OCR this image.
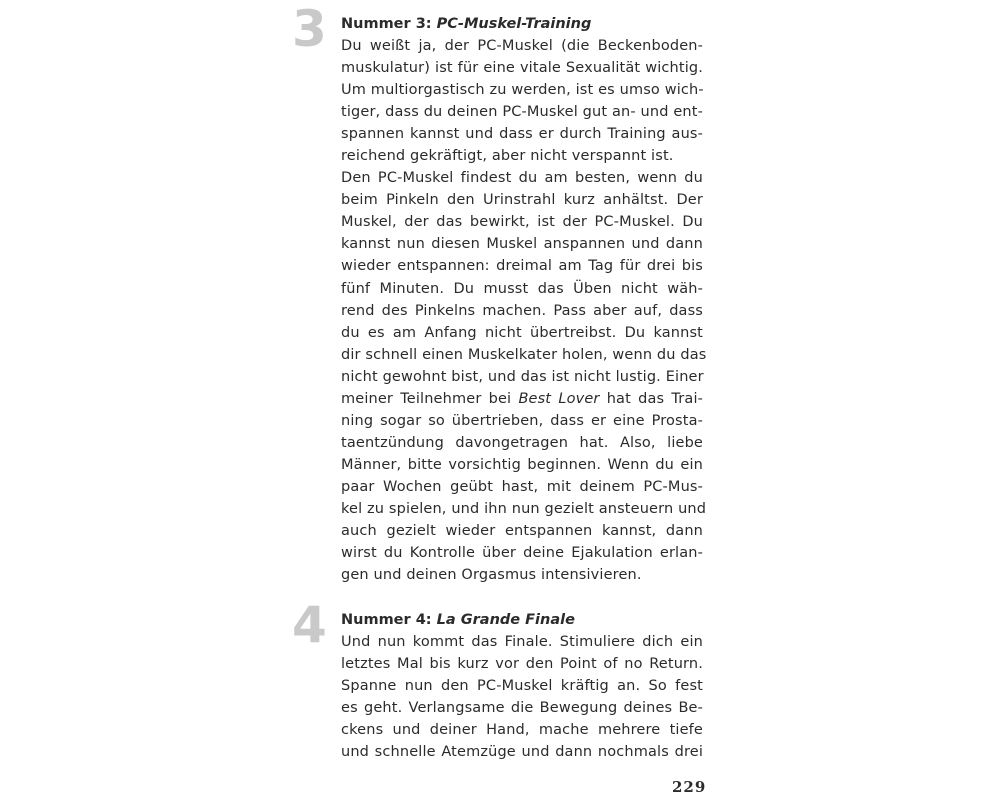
3 Nummer 3: PC-Muskel-Training
Du weißt ja, der PC-Muskel (die Beckenboden-
muskulatur) ist für eine vitale Sexualität wichtig.
Um multiorgastisch zu werden, ist es umso wich-
tiger, dass du deinen PC-Muskel gut an- und ent-
spannen kannst und dass er durch Training aus-
reichend gekräftigt, aber nicht verspannt ist.
Den PC-Muskel findest du am besten, wenn du
beim Pinkeln den Urinstrahl kurz anhältst. Der
Muskel, der das bewirkt, ist der PC-Muskel. Du
kannst nun diesen Muskel anspannen und dann
wieder entspannen: dreimal am Tag für drei bis
fünf Minuten. Du musst das Üben nicht wäh-
rend des Pinkelns machen. Pass aber auf, dass
du es am Anfang nicht übertreibst. Du kannst
dir schnell einen Muskelkater holen, wenn du das
nicht gewohnt bist, und das ist nicht lustig. Einer
meiner Teilnehmer bei Best Lover hat das Trai-
ning sogar so übertrieben, dass er eine Prosta-
taentzündung davongetragen hat. Also, liebe
Männer, bitte vorsichtig beginnen. Wenn du ein
paar Wochen geübt hast, mit deinem PC-Mus-
kel zu spielen, und ihn nun gezielt ansteuern und
auch gezielt wieder entspannen kannst, dann
wirst du Kontrolle über deine Ejakulation erlan-
gen und deinen Orgasmus intensivieren.
4 Nummer 4: La Grande Finale
Und nun kommt das Finale. Stimuliere dich ein
letztes Mal bis kurz vor den Point of no Return.
Spanne nun den PC-Muskel kräftig an. So fest
es geht. Verlangsame die Bewegung deines Be-
ckens und deiner Hand, mache mehrere tiefe
und schnelle Atemzüge und dann nochmals drei
229
